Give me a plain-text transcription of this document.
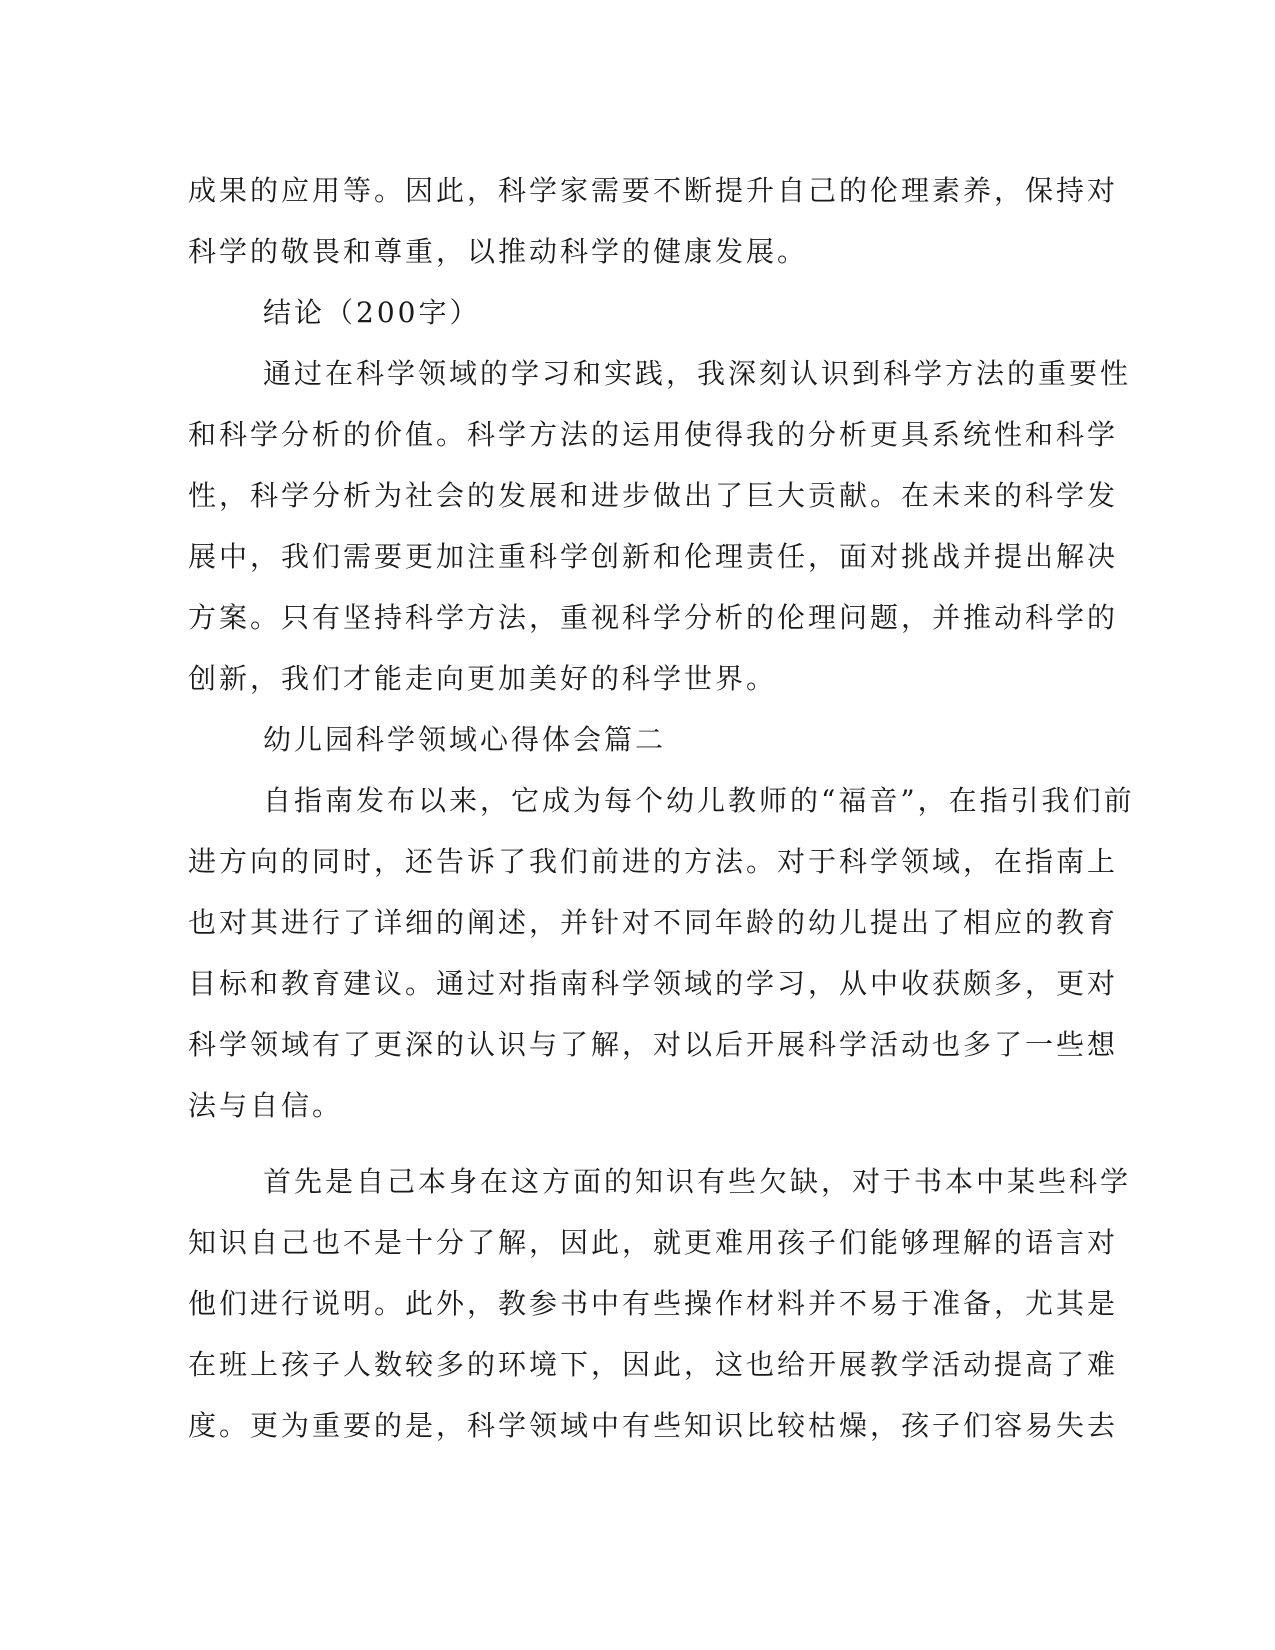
成果的应用等。因此，科学家需要不断提升自己的伦理素养，保持对
科学的敬畏和尊重，以推动科学的健康发展。
结论（200字）
通过在科学领域的学习和实践，我深刻认识到科学方法的重要性
和科学分析的价值。科学方法的运用使得我的分析更具系统性和科学
性，科学分析为社会的发展和进步做出了巨大贡献。在未来的科学发
展中，我们需要更加注重科学创新和伦理责任，面对挑战并提出解决
方案。只有坚持科学方法，重视科学分析的伦理问题，并推动科学的
创新，我们才能走向更加美好的科学世界。
幼儿园科学领域心得体会篇二
自指南发布以来，它成为每个幼儿教师的“福音”，在指引我们前
进方向的同时，还告诉了我们前进的方法。对于科学领域，在指南上
也对其进行了详细的阐述，并针对不同年龄的幼儿提出了相应的教育
目标和教育建议。通过对指南科学领域的学习，从中收获颇多，更对
科学领域有了更深的认识与了解，对以后开展科学活动也多了一些想
法与自信。
首先是自己本身在这方面的知识有些欠缺，对于书本中某些科学
知识自己也不是十分了解，因此，就更难用孩子们能够理解的语言对
他们进行说明。此外，教参书中有些操作材料并不易于准备，尤其是
在班上孩子人数较多的环境下，因此，这也给开展教学活动提高了难
度。更为重要的是，科学领域中有些知识比较枯燥，孩子们容易失去
